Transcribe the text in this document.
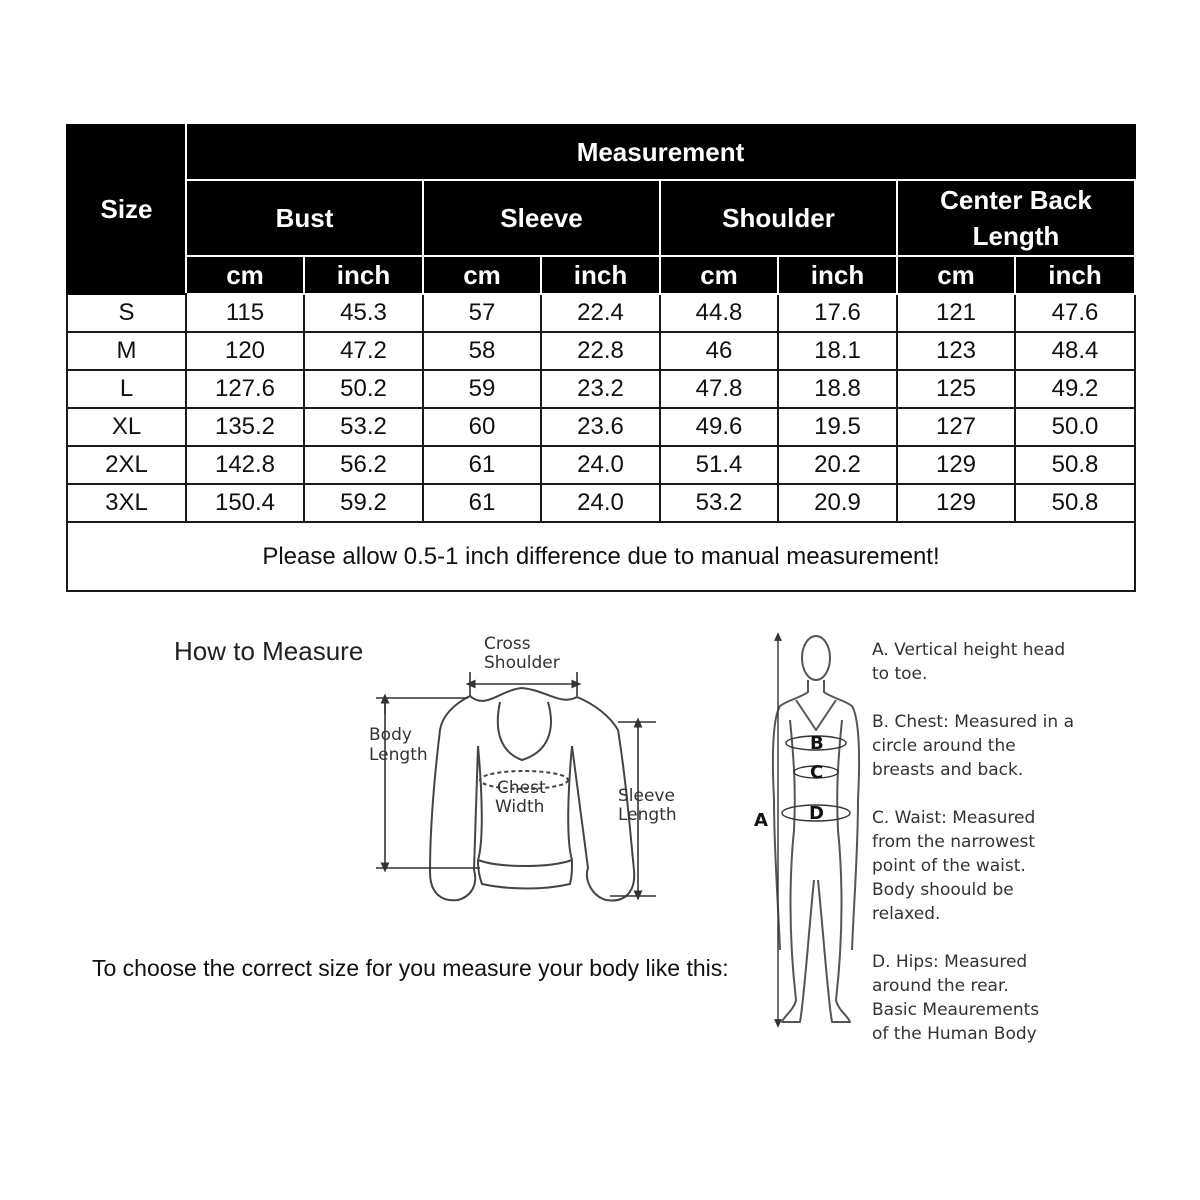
Size	Measurement							
	Bust		Sleeve		Shoulder		Center Back Length	
	cm	inch	cm	inch	cm	inch	cm	inch
S	115	45.3	57	22.4	44.8	17.6	121	47.6
M	120	47.2	58	22.8	46	18.1	123	48.4
L	127.6	50.2	59	23.2	47.8	18.8	125	49.2
XL	135.2	53.2	60	23.6	49.6	19.5	127	50.0
2XL	142.8	56.2	61	24.0	51.4	20.2	129	50.8
3XL	150.4	59.2	61	24.0	53.2	20.9	129	50.8
Please allow 0.5-1 inch difference due to manual measurement!								
How to Measure
To choose the correct size for you measure your body like this:
Cross
Shoulder
Body
Length
Chest
Width
Sleeve
Length	A
B
C
D
A. Vertical height head
to toe.
B. Chest: Measured in a
circle around the
breasts and back.
C. Waist: Measured
from the narrowest
point of the waist.
Body shoould be
relaxed.
D. Hips: Measured
around the rear.
Basic Meaurements
of the Human Body
